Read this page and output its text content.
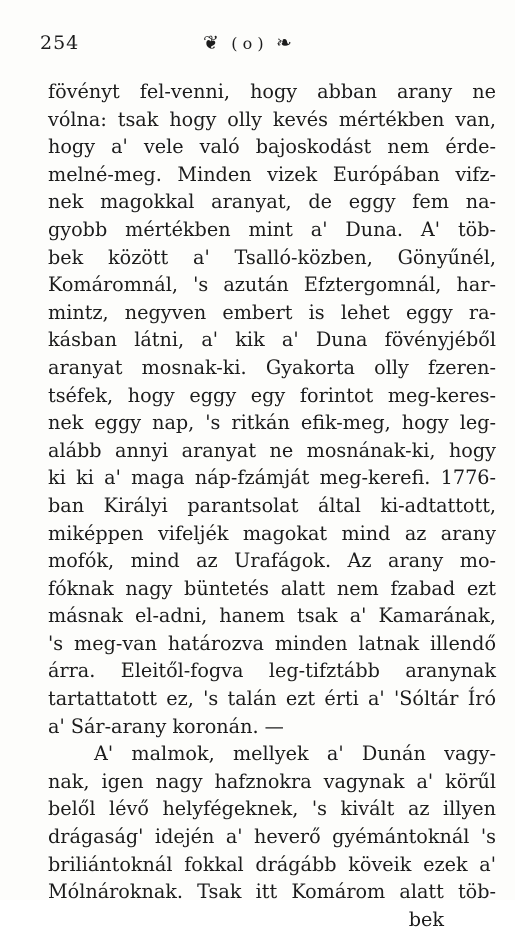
254	❦ ( o ) ❧
fövényt fel-venni, hogy abban arany ne
vólna: tsak hogy olly kevés mértékben van,
hogy a' vele való bajoskodást nem érde-
melné-meg. Minden vizek Európában vifz-
nek magokkal aranyat, de eggy fem na-
gyobb mértékben mint a' Duna. A' töb-
bek között a' Tsalló-közben, Gönyűnél,
Komáromnál, 's azután Efztergomnál, har-
mintz, negyven embert is lehet eggy ra-
kásban látni, a' kik a' Duna fövényjéből
aranyat mosnak-ki. Gyakorta olly fzeren-
tséfek, hogy eggy egy forintot meg-keres-
nek eggy nap, 's ritkán efik-meg, hogy leg-
alább annyi aranyat ne mosnának-ki, hogy
ki ki a' maga náp-fzámját meg-kerefi. 1776-
ban Királyi parantsolat által ki-adtattott,
miképpen vifeljék magokat mind az arany
mofók, mind az Urafágok. Az arany mo-
fóknak nagy büntetés alatt nem fzabad ezt
másnak el-adni, hanem tsak a' Kamarának,
's meg-van határozva minden latnak illendő
árra. Eleitől-fogva leg-tifztább aranynak
tartattatott ez, 's talán ezt érti a' 'Sóltár Író
a' Sár-arany koronán. —
A' malmok, mellyek a' Dunán vagy-
nak, igen nagy hafznokra vagynak a' körűl
belől lévő helyfégeknek, 's kivált az illyen
drágaság' idején a' heverő gyémántoknál 's
briliántoknál fokkal drágább köveik ezek a'
Mólnároknak. Tsak itt Komárom alatt töb-
bek
